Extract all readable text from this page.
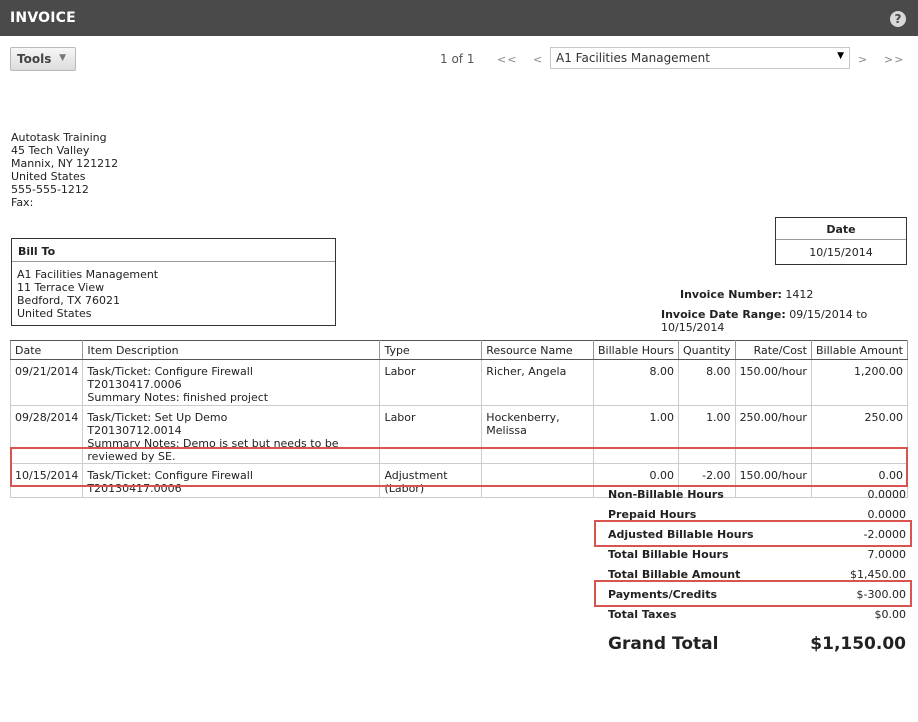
INVOICE	?
Tools ▼	1 of 1 << <	A1 Facilities Management	▼ > >>
Autotask Training
45 Tech Valley
Mannix, NY 121212
United States
555-555-1212
Fax:
Date
10/15/2014
Bill To
A1 Facilities Management
11 Terrace View
Bedford, TX 76021
United States
Invoice Number: 1412
Invoice Date Range: 09/15/2014 to 10/15/2014
Date	Item Description	Type	Resource Name	Billable Hours	Quantity	Rate/Cost	Billable Amount
09/21/2014	Task/Ticket: Configure Firewall
T20130417.0006
Summary Notes: finished project	Labor	Richer, Angela	8.00	8.00	150.00/hour	1,200.00
09/28/2014	Task/Ticket: Set Up Demo
T20130712.0014
Summary Notes: Demo is set but needs to be reviewed by SE.	Labor	Hockenberry, Melissa	1.00	1.00	250.00/hour	250.00
10/15/2014	Task/Ticket: Configure Firewall
T20130417.0006	Adjustment (Labor)		0.00	-2.00	150.00/hour	0.00
Non-Billable Hours	0.0000
Prepaid Hours	0.0000
Adjusted Billable Hours	-2.0000
Total Billable Hours	7.0000
Total Billable Amount	$1,450.00
Payments/Credits	$-300.00
Total Taxes	$0.00
Grand Total	$1,150.00
